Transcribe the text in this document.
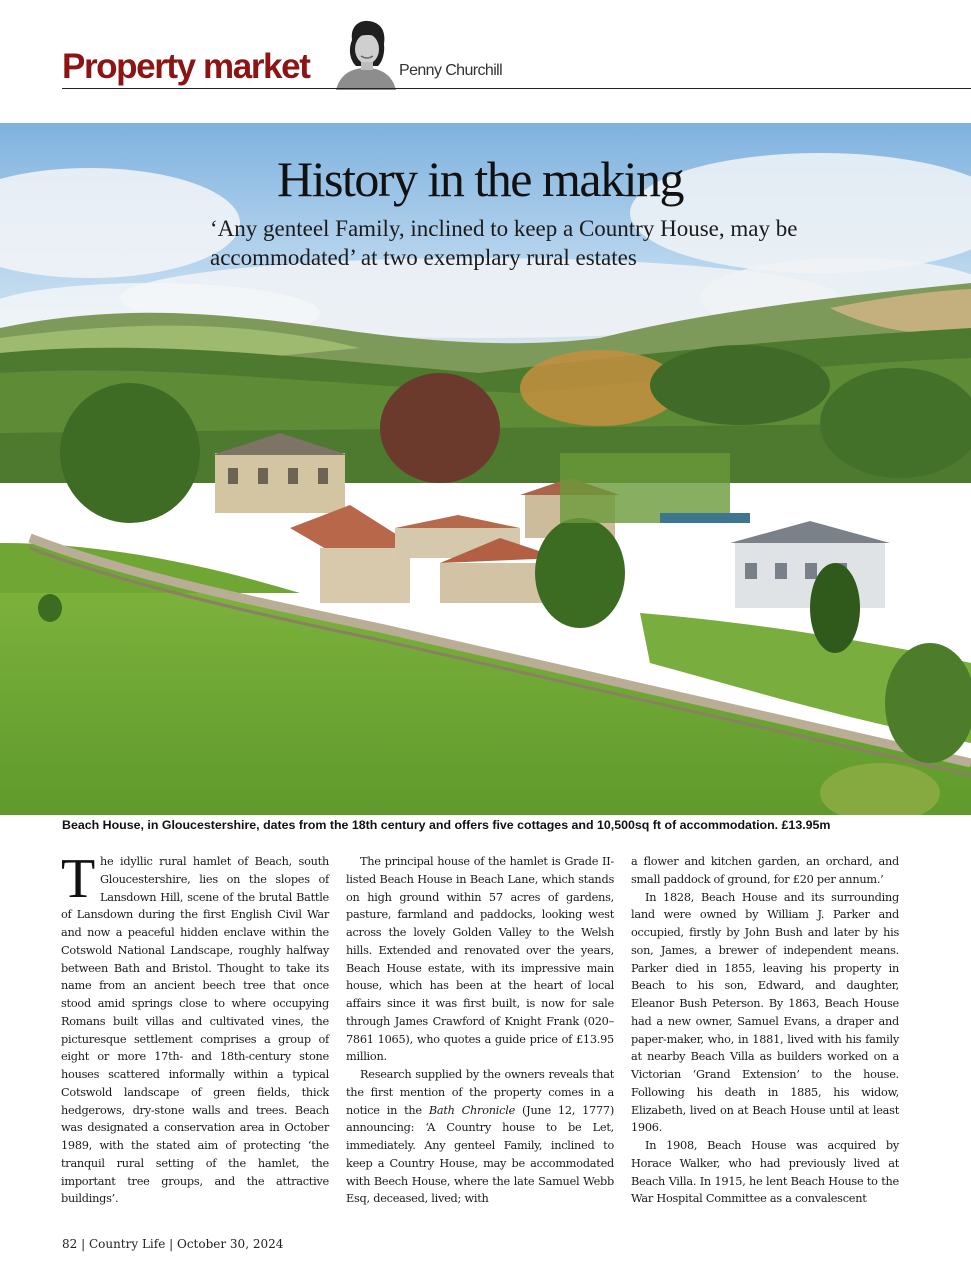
Property market	Penny Churchill
History in the making
‘Any genteel Family, inclined to keep a Country House, may be accommodated’ at two exemplary rural estates
Beach House, in Gloucestershire, dates from the 18th century and offers five cottages and 10,500sq ft of accommodation. £13.95m

The idyllic rural hamlet of Beach, south Gloucestershire, lies on the slopes of Lansdown Hill, scene of the brutal Battle of Lansdown during the first English Civil War and now a peaceful hidden enclave within the Cotswold National Landscape, roughly halfway between Bath and Bristol. Thought to take its name from an ancient beech tree that once stood amid springs close to where occupying Romans built villas and cultivated vines, the picturesque settlement comprises a group of eight or more 17th- and 18th-century stone houses scattered informally within a typical Cotswold landscape of green fields, thick hedgerows, dry-stone walls and trees. Beach was designated a conservation area in October 1989, with the stated aim of protecting ‘the tranquil rural setting of the hamlet, the important tree groups, and the attractive buildings’.

The principal house of the hamlet is Grade II-listed Beach House in Beach Lane, which stands on high ground within 57 acres of gardens, pasture, farmland and paddocks, looking west across the lovely Golden Valley to the Welsh hills. Extended and renovated over the years, Beach House estate, with its impressive main house, which has been at the heart of local affairs since it was first built, is now for sale through James Crawford of Knight Frank (020–7861 1065), who quotes a guide price of £13.95 million.

Research supplied by the owners reveals that the first mention of the property comes in a notice in the Bath Chronicle (June 12, 1777) announcing: ‘A Country house to be Let, immediately. Any genteel Family, inclined to keep a Country House, may be accommodated with Beech House, where the late Samuel Webb Esq, deceased, lived; with

a flower and kitchen garden, an orchard, and small paddock of ground, for £20 per annum.’

In 1828, Beach House and its surrounding land were owned by William J. Parker and occupied, firstly by John Bush and later by his son, James, a brewer of independent means. Parker died in 1855, leaving his property in Beach to his son, Edward, and daughter, Eleanor Bush Peterson. By 1863, Beach House had a new owner, Samuel Evans, a draper and paper-maker, who, in 1881, lived with his family at nearby Beach Villa as builders worked on a Victorian ‘Grand Extension’ to the house. Following his death in 1885, his widow, Elizabeth, lived on at Beach House until at least 1906.

In 1908, Beach House was acquired by Horace Walker, who had previously lived at Beach Villa. In 1915, he lent Beach House to the War Hospital Committee as a convalescent

82 | Country Life | October 30, 2024
